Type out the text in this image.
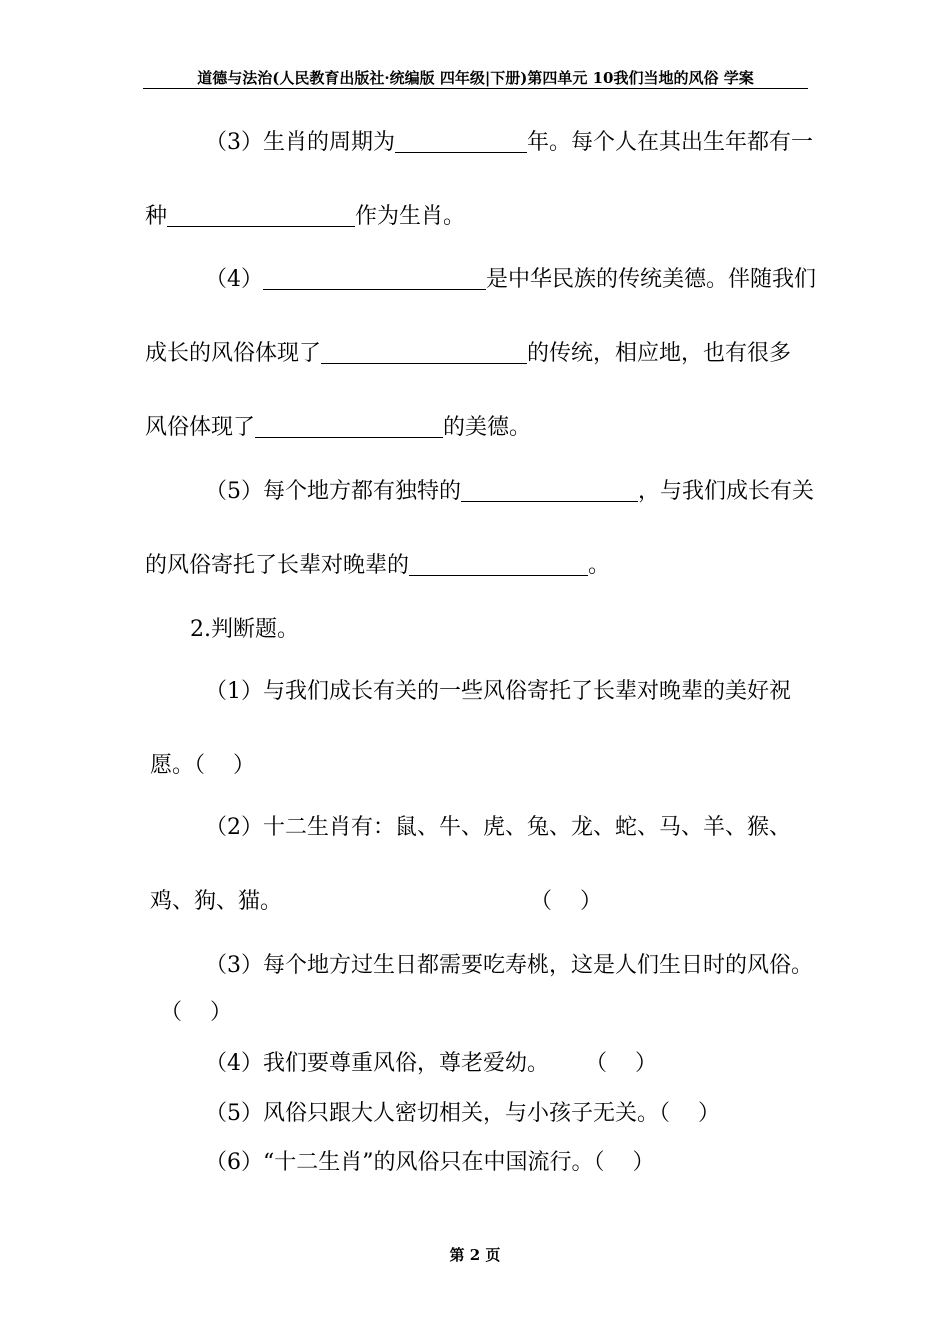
道德与法治(人民教育出版社·统编版 四年级|下册)第四单元 10我们当地的风俗 学案
（3）生肖的周期为	年。每个人在其出生年都有一
种	作为生肖。
（4）	是中华民族的传统美德。伴随我们
成长的风俗体现了	的传统，相应地，也有很多
风俗体现了	的美德。
（5）每个地方都有独特的	，与我们成长有关
的风俗寄托了长辈对晚辈的	。
2.判断题。
（1）与我们成长有关的一些风俗寄托了长辈对晚辈的美好祝
愿。（    ）
（2）十二生肖有：鼠、牛、虎、兔、龙、蛇、马、羊、猴、
鸡、狗、猫。	（    ）
（3）每个地方过生日都需要吃寿桃，这是人们生日时的风俗。
（    ）
（4）我们要尊重风俗，尊老爱幼。 （    ）
（5）风俗只跟大人密切相关，与小孩子无关。（    ）
（6）“十二生肖”的风俗只在中国流行。（    ）
第 2 页
